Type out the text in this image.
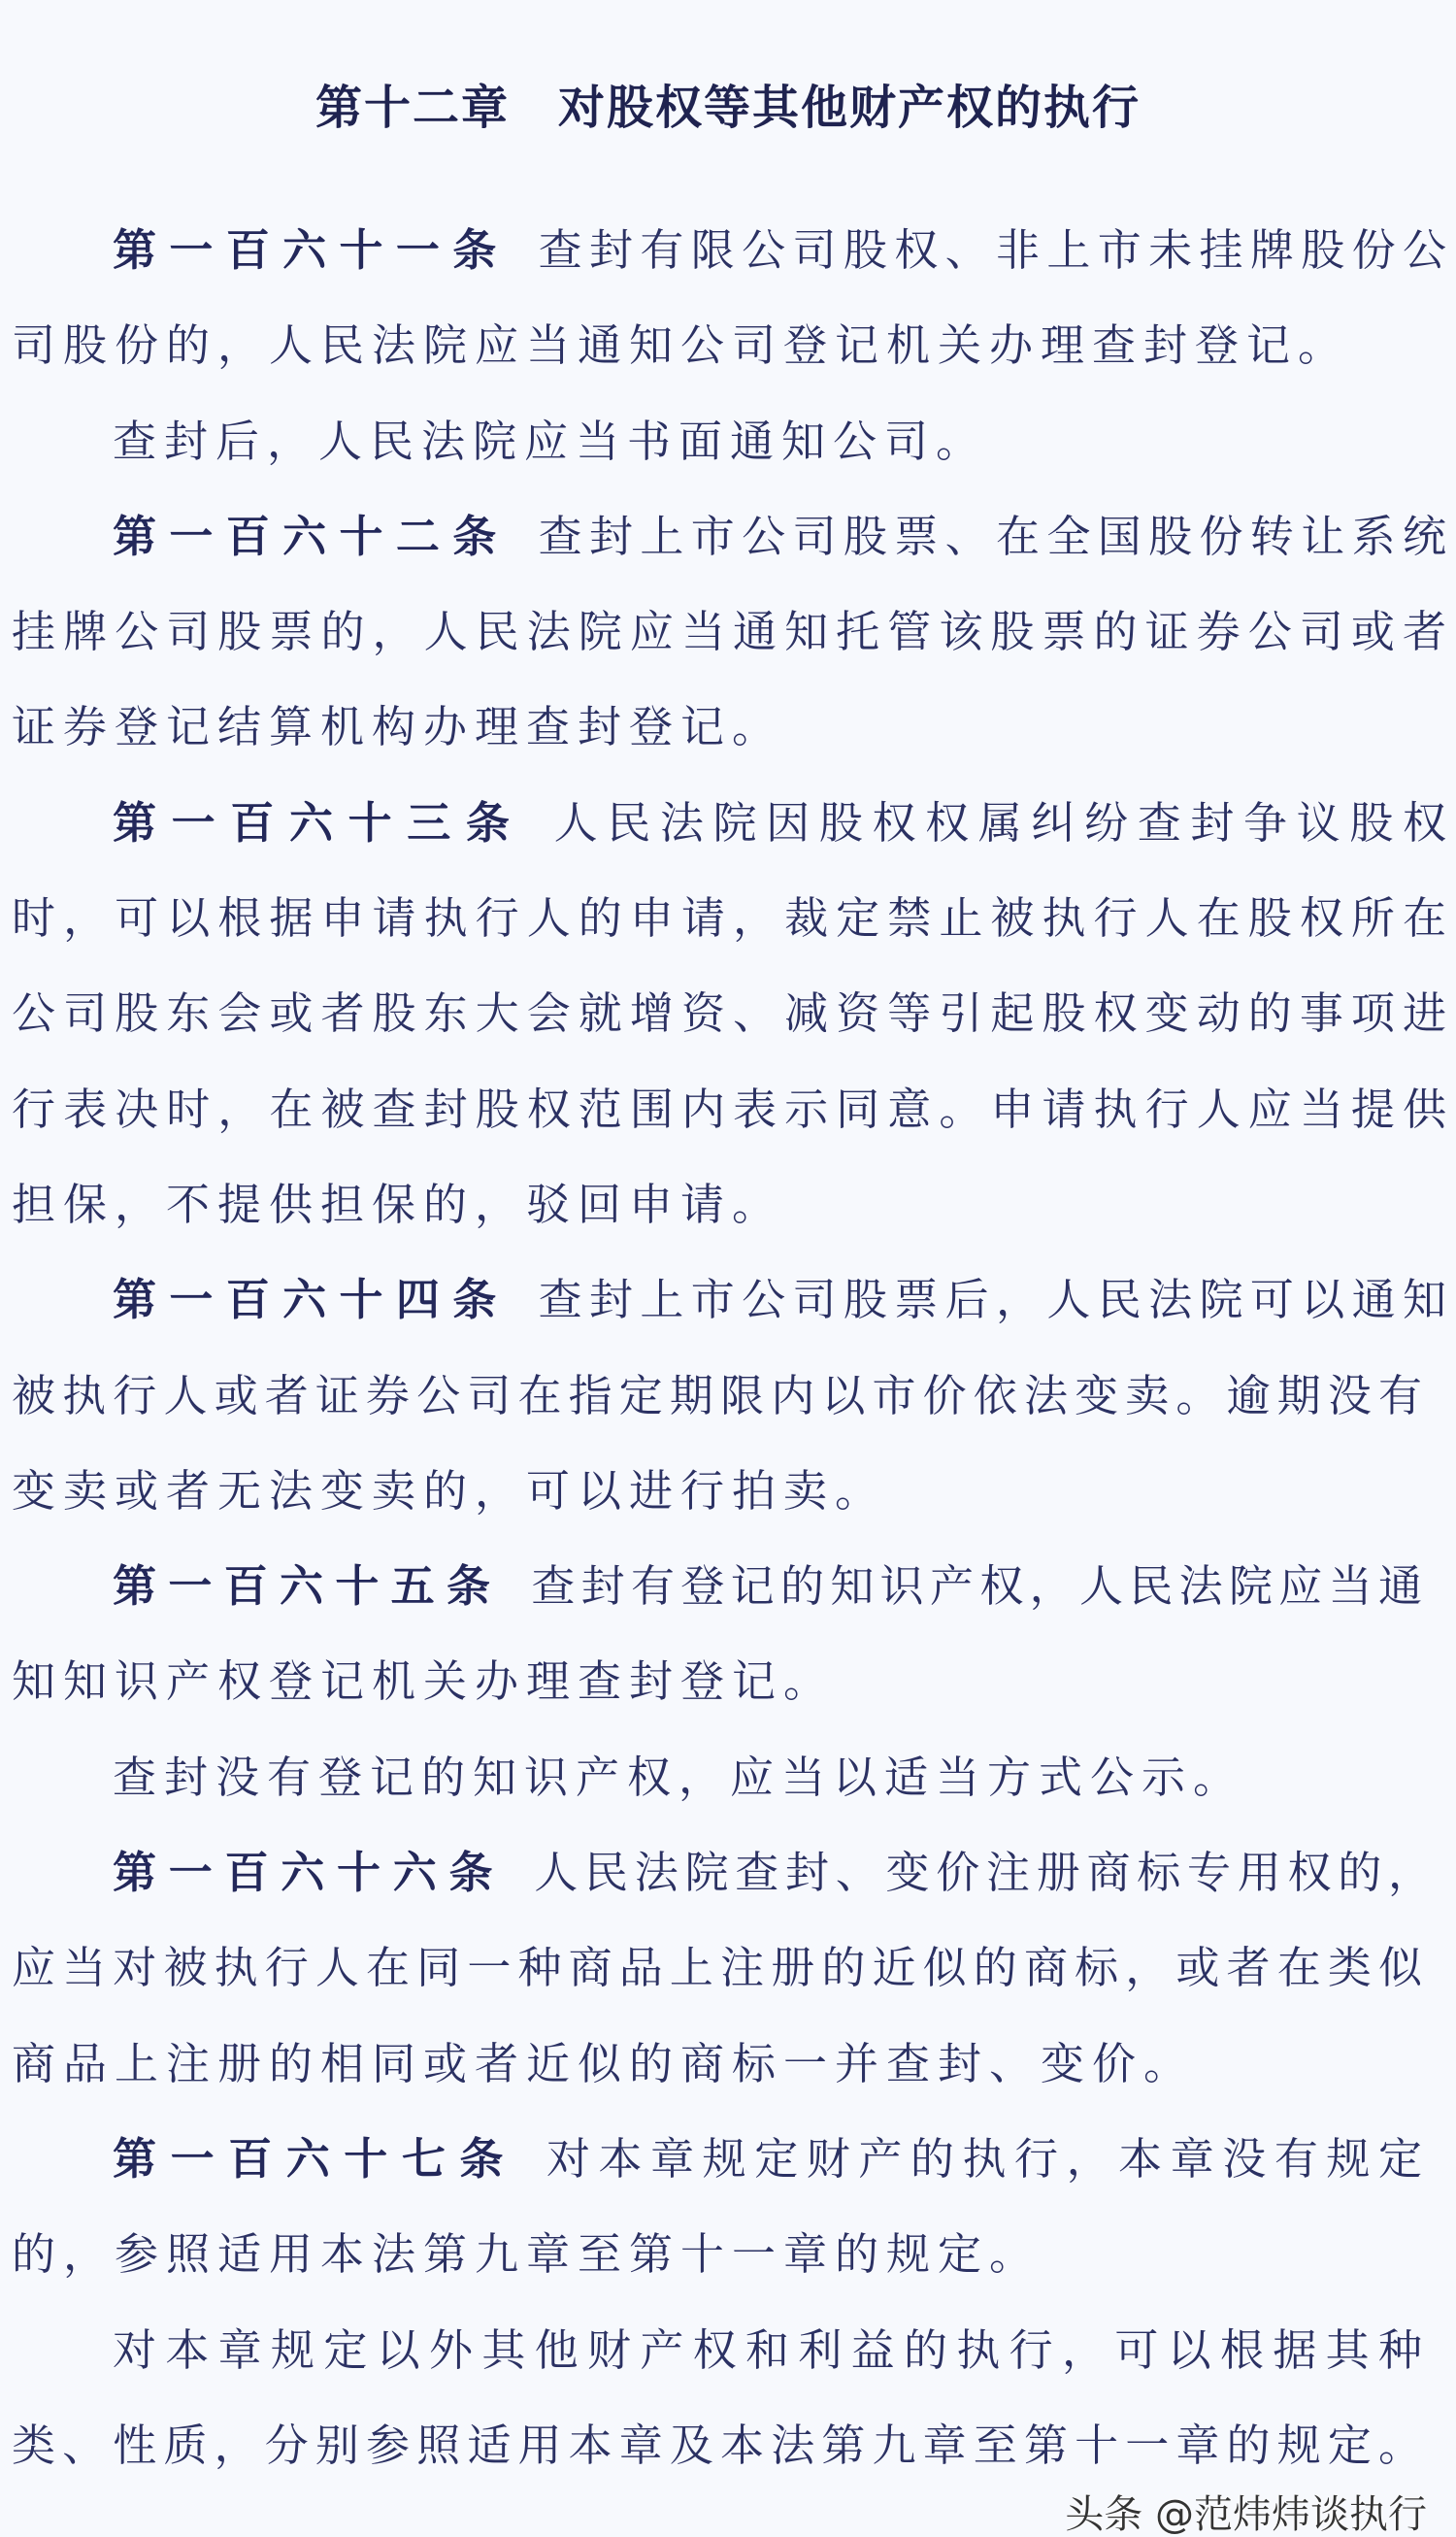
第十二章　对股权等其他财产权的执行
第一百六十一条 查封有限公司股权、非上市未挂牌股份公
司股份的，人民法院应当通知公司登记机关办理查封登记。
查封后，人民法院应当书面通知公司。
第一百六十二条 查封上市公司股票、在全国股份转让系统
挂牌公司股票的，人民法院应当通知托管该股票的证券公司或者
证券登记结算机构办理查封登记。
第一百六十三条 人民法院因股权权属纠纷查封争议股权
时，可以根据申请执行人的申请，裁定禁止被执行人在股权所在
公司股东会或者股东大会就增资、减资等引起股权变动的事项进
行表决时，在被查封股权范围内表示同意。申请执行人应当提供
担保，不提供担保的，驳回申请。
第一百六十四条 查封上市公司股票后，人民法院可以通知
被执行人或者证券公司在指定期限内以市价依法变卖。逾期没有
变卖或者无法变卖的，可以进行拍卖。
第一百六十五条 查封有登记的知识产权，人民法院应当通
知知识产权登记机关办理查封登记。
查封没有登记的知识产权，应当以适当方式公示。
第一百六十六条 人民法院查封、变价注册商标专用权的，
应当对被执行人在同一种商品上注册的近似的商标，或者在类似
商品上注册的相同或者近似的商标一并查封、变价。
第一百六十七条 对本章规定财产的执行，本章没有规定
的，参照适用本法第九章至第十一章的规定。
对本章规定以外其他财产权和利益的执行，可以根据其种
类、性质，分别参照适用本章及本法第九章至第十一章的规定。
头条 @范炜炜谈执行
